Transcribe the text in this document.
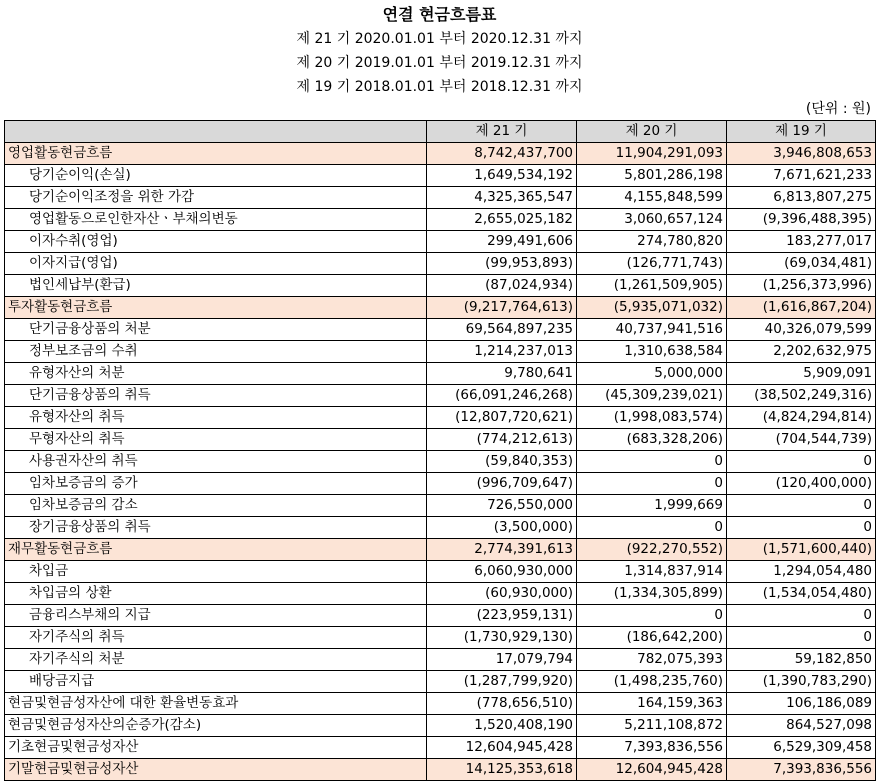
연결 현금흐름표
제 21 기 2020.01.01 부터 2020.12.31 까지
제 20 기 2019.01.01 부터 2019.12.31 까지
제 19 기 2018.01.01 부터 2018.12.31 까지
(단위 : 원)
	제 21 기	제 20 기	제 19 기
영업활동현금흐름	8,742,437,700	11,904,291,093	3,946,808,653
당기순이익(손실)	1,649,534,192	5,801,286,198	7,671,621,233
당기순이익조정을 위한 가감	4,325,365,547	4,155,848,599	6,813,807,275
영업활동으로인한자산ㆍ부채의변동	2,655,025,182	3,060,657,124	(9,396,488,395)
이자수취(영업)	299,491,606	274,780,820	183,277,017
이자지급(영업)	(99,953,893)	(126,771,743)	(69,034,481)
법인세납부(환급)	(87,024,934)	(1,261,509,905)	(1,256,373,996)
투자활동현금흐름	(9,217,764,613)	(5,935,071,032)	(1,616,867,204)
단기금융상품의 처분	69,564,897,235	40,737,941,516	40,326,079,599
정부보조금의 수취	1,214,237,013	1,310,638,584	2,202,632,975
유형자산의 처분	9,780,641	5,000,000	5,909,091
단기금융상품의 취득	(66,091,246,268)	(45,309,239,021)	(38,502,249,316)
유형자산의 취득	(12,807,720,621)	(1,998,083,574)	(4,824,294,814)
무형자산의 취득	(774,212,613)	(683,328,206)	(704,544,739)
사용권자산의 취득	(59,840,353)	0	0
임차보증금의 증가	(996,709,647)	0	(120,400,000)
임차보증금의 감소	726,550,000	1,999,669	0
장기금융상품의 취득	(3,500,000)	0	0
재무활동현금흐름	2,774,391,613	(922,270,552)	(1,571,600,440)
차입금	6,060,930,000	1,314,837,914	1,294,054,480
차입금의 상환	(60,930,000)	(1,334,305,899)	(1,534,054,480)
금융리스부채의 지급	(223,959,131)	0	0
자기주식의 취득	(1,730,929,130)	(186,642,200)	0
자기주식의 처분	17,079,794	782,075,393	59,182,850
배당금지급	(1,287,799,920)	(1,498,235,760)	(1,390,783,290)
현금및현금성자산에 대한 환율변동효과	(778,656,510)	164,159,363	106,186,089
현금및현금성자산의순증가(감소)	1,520,408,190	5,211,108,872	864,527,098
기초현금및현금성자산	12,604,945,428	7,393,836,556	6,529,309,458
기말현금및현금성자산	14,125,353,618	12,604,945,428	7,393,836,556
